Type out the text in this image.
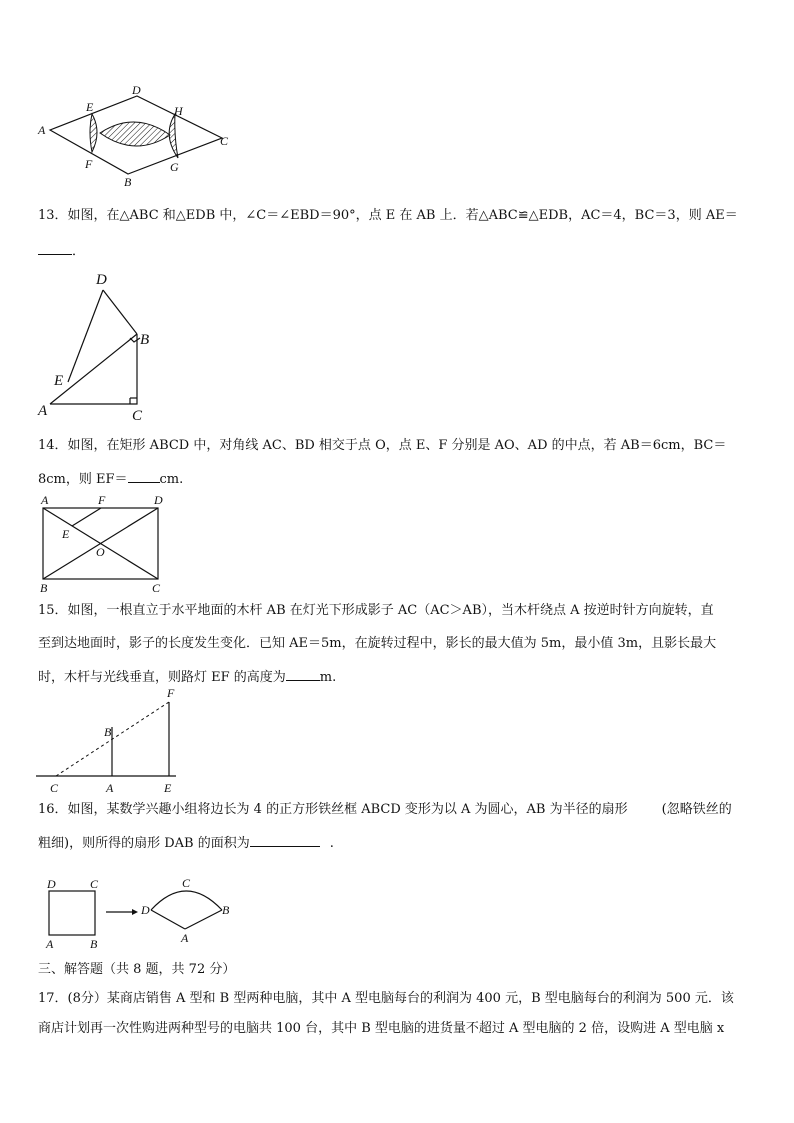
A
B
C
D
E
F	G
H
13．如图，在△ABC 和△EDB 中，∠C＝∠EBD＝90°，点 E 在 AB 上．若△ABC≌△EDB，AC＝4，BC＝3，则 AE＝
．
D
B
E
A	C
14．如图，在矩形 ABCD 中，对角线 AC、BD 相交于点 O，点 E、F 分别是 AO、AD 的中点，若 AB＝6cm，BC＝
8cm，则 EF＝ cm.
A	F	D
E
O
B	C
15．如图，一根直立于水平地面的木杆 AB 在灯光下形成影子 AC（AC＞AB），当木杆绕点 A 按逆时针方向旋转，直
至到达地面时，影子的长度发生变化．已知 AE＝5m，在旋转过程中，影长的最大值为 5m，最小值 3m，且影长最大
时，木杆与光线垂直，则路灯 EF 的高度为	m.
F
B
C	A	E
16．如图，某数学兴趣小组将边长为 4 的正方形铁丝框 ABCD 变形为以 A 为圆心，AB 为半径的扇形	(忽略铁丝的
粗细)，则所得的扇形 DAB 的面积为	.
D	C
A	B
C
D	B
A
三、解答题（共 8 题，共 72 分）
17．(8分）某商店销售 A 型和 B 型两种电脑，其中 A 型电脑每台的利润为 400 元，B 型电脑每台的利润为 500 元．该
商店计划再一次性购进两种型号的电脑共 100 台，其中 B 型电脑的进货量不超过 A 型电脑的 2 倍，设购进 A 型电脑 x
